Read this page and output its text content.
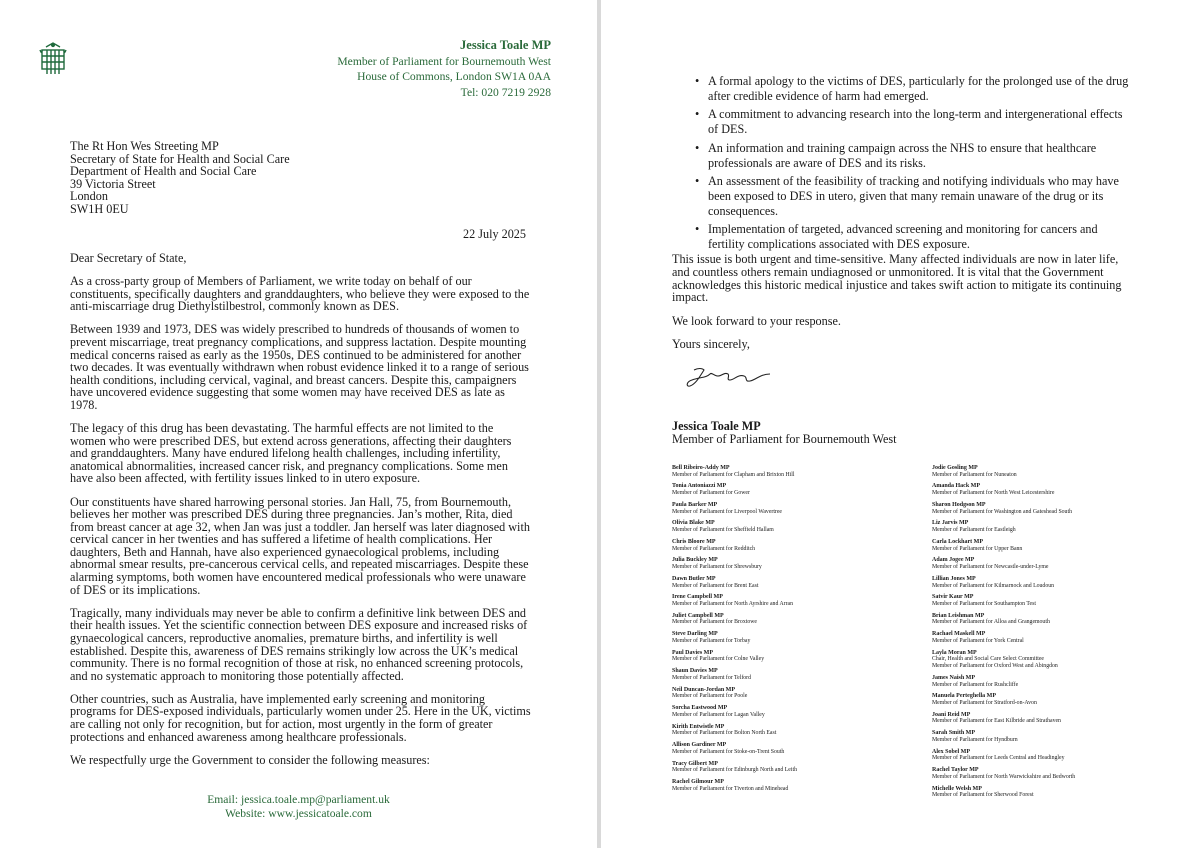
Jessica Toale MP
Member of Parliament for Bournemouth West
House of Commons, London SW1A 0AA
Tel: 020 7219 2928
The Rt Hon Wes Streeting MP
Secretary of State for Health and Social Care
Department of Health and Social Care
39 Victoria Street
London
SW1H 0EU
22 July 2025

Dear Secretary of State,

As a cross-party group of Members of Parliament, we write today on behalf of our constituents, specifically daughters and granddaughters, who believe they were exposed to the anti-miscarriage drug Diethylstilbestrol, commonly known as DES.

Between 1939 and 1973, DES was widely prescribed to hundreds of thousands of women to prevent miscarriage, treat pregnancy complications, and suppress lactation. Despite mounting medical concerns raised as early as the 1950s, DES continued to be administered for another two decades. It was eventually withdrawn when robust evidence linked it to a range of serious health conditions, including cervical, vaginal, and breast cancers. Despite this, campaigners have uncovered evidence suggesting that some women may have received DES as late as 1978.

The legacy of this drug has been devastating. The harmful effects are not limited to the women who were prescribed DES, but extend across generations, affecting their daughters and granddaughters. Many have endured lifelong health challenges, including infertility, anatomical abnormalities, increased cancer risk, and pregnancy complications. Some men have also been affected, with fertility issues linked to in utero exposure.

Our constituents have shared harrowing personal stories. Jan Hall, 75, from Bournemouth, believes her mother was prescribed DES during three pregnancies. Jan’s mother, Rita, died from breast cancer at age 32, when Jan was just a toddler. Jan herself was later diagnosed with cervical cancer in her twenties and has suffered a lifetime of health complications. Her daughters, Beth and Hannah, have also experienced gynaecological problems, including abnormal smear results, pre-cancerous cervical cells, and repeated miscarriages. Despite these alarming symptoms, both women have encountered medical professionals who were unaware of DES or its implications.

Tragically, many individuals may never be able to confirm a definitive link between DES and their health issues. Yet the scientific connection between DES exposure and increased risks of gynaecological cancers, reproductive anomalies, premature births, and infertility is well established. Despite this, awareness of DES remains strikingly low across the UK’s medical community. There is no formal recognition of those at risk, no enhanced screening protocols, and no systematic approach to monitoring those potentially affected.

Other countries, such as Australia, have implemented early screening and monitoring programs for DES-exposed individuals, particularly women under 25. Here in the UK, victims are calling not only for recognition, but for action, most urgently in the form of greater protections and enhanced awareness among healthcare professionals.

We respectfully urge the Government to consider the following measures:

Email: jessica.toale.mp@parliament.uk
Website: www.jessicatoale.com
• A formal apology to the victims of DES, particularly for the prolonged use of the drug after credible evidence of harm had emerged.
• A commitment to advancing research into the long-term and intergenerational effects of DES.
• An information and training campaign across the NHS to ensure that healthcare professionals are aware of DES and its risks.
• An assessment of the feasibility of tracking and notifying individuals who may have been exposed to DES in utero, given that many remain unaware of the drug or its consequences.
• Implementation of targeted, advanced screening and monitoring for cancers and fertility complications associated with DES exposure.

This issue is both urgent and time-sensitive. Many affected individuals are now in later life, and countless others remain undiagnosed or unmonitored. It is vital that the Government acknowledges this historic medical injustice and takes swift action to mitigate its continuing impact.

We look forward to your response.

Yours sincerely,

Jessica Toale MP
Member of Parliament for Bournemouth West
Bell Ribeiro-Addy MP
Member of Parliament for Clapham and Brixton Hill
Tonia Antoniazzi MP
Member of Parliament for Gower
Paula Barker MP
Member of Parliament for Liverpool Wavertree
Olivia Blake MP
Member of Parliament for Sheffield Hallam
Chris Bloore MP
Member of Parliament for Redditch
Julia Buckley MP
Member of Parliament for Shrewsbury
Dawn Butler MP
Member of Parliament for Brent East
Irene Campbell MP
Member of Parliament for North Ayrshire and Arran
Juliet Campbell MP
Member of Parliament for Broxtowe
Steve Darling MP
Member of Parliament for Torbay
Paul Davies MP
Member of Parliament for Colne Valley
Shaun Davies MP
Member of Parliament for Telford
Neil Duncan-Jordan MP
Member of Parliament for Poole
Sorcha Eastwood MP
Member of Parliament for Lagan Valley
Kirith Entwistle MP
Member of Parliament for Bolton North East
Allison Gardiner MP
Member of Parliament for Stoke-on-Trent South
Tracy Gilbert MP
Member of Parliament for Edinburgh North and Leith
Rachel Gilmour MP
Member of Parliament for Tiverton and Minehead
Jodie Gosling MP
Member of Parliament for Nuneaton
Amanda Hack MP
Member of Parliament for North West Leicestershire
Sharon Hodgson MP
Member of Parliament for Washington and Gateshead South
Liz Jarvis MP
Member of Parliament for Eastleigh
Carla Lockhart MP
Member of Parliament for Upper Bann
Adam Jogee MP
Member of Parliament for Newcastle-under-Lyme
Lillian Jones MP
Member of Parliament for Kilmarnock and Loudoun
Satvir Kaur MP
Member of Parliament for Southampton Test
Brian Leishman MP
Member of Parliament for Alloa and Grangemouth
Rachael Maskell MP
Member of Parliament for York Central
Layla Moran MP
Chair, Health and Social Care Select Committee
Member of Parliament for Oxford West and Abingdon
James Naish MP
Member of Parliament for Rushcliffe
Manuela Perteghella MP
Member of Parliament for Stratford-on-Avon
Joani Reid MP
Member of Parliament for East Kilbride and Strathaven
Sarah Smith MP
Member of Parliament for Hyndburn
Alex Sobel MP
Member of Parliament for Leeds Central and Headingley
Rachel Taylor MP
Member of Parliament for North Warwickshire and Bedworth
Michelle Welsh MP
Member of Parliament for Sherwood Forest
